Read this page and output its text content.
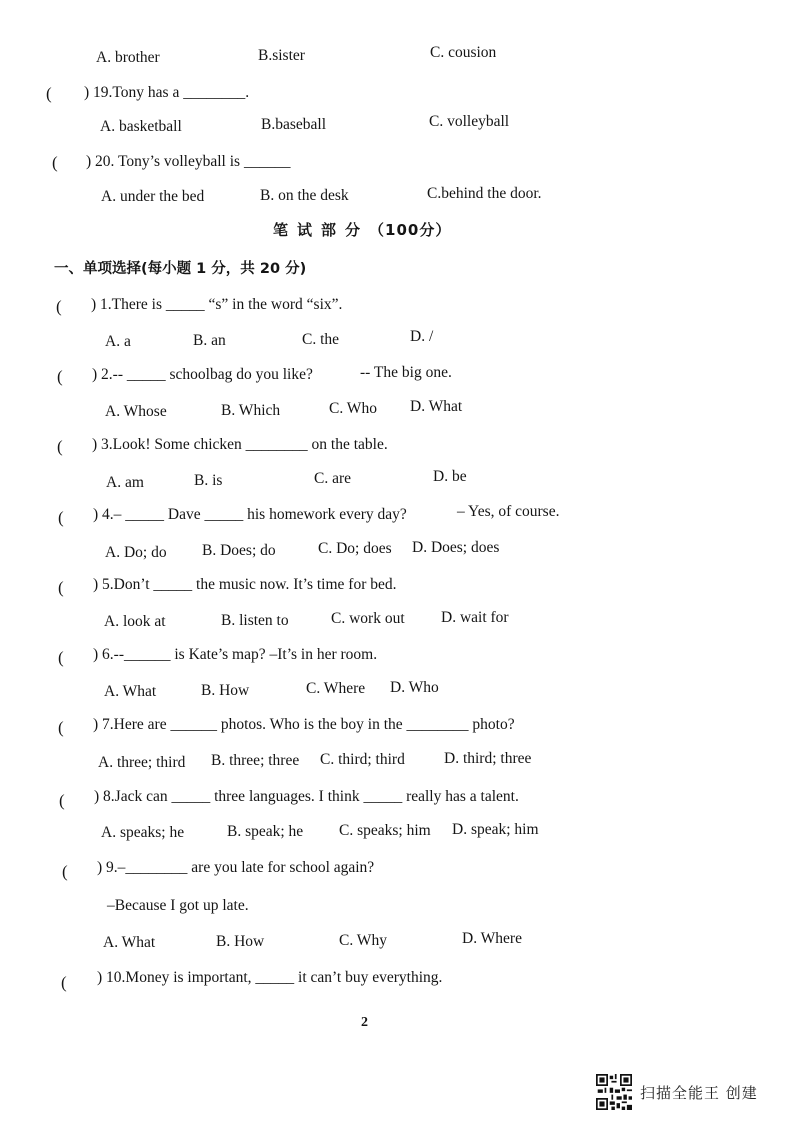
A. brother	B.sister	C. cousion
( ) 19.Tony has a ________.
A. basketball	B.baseball	C. volleyball
( ) 20. Tony’s volleyball is ______
A. under the bed	B. on the desk	C.behind the door.
笔试部分（100分）
一、单项选择(每小题 1 分，共 20 分)
( ) 1.There is _____ “s” in the word “six”.
A. a	B. an	C. the	D. /
( ) 2.-- _____ schoolbag do you like?	-- The big one.
A. Whose	B. Which	C. Who D. What
( ) 3.Look! Some chicken ________ on the table.
A. am	B. is	C. are	D. be
( ) 4.– _____ Dave _____ his homework every day?	– Yes, of course.
A. Do; do B. Does; do	C. Do; does D. Does; does
( ) 5.Don’t _____ the music now. It’s time for bed.
A. look at	B. listen to	C. work out D. wait for
( ) 6.--______ is Kate’s map? –It’s in her room.
A. What	B. How	C. Where D. Who
( ) 7.Here are ______ photos. Who is the boy in the ________ photo?
A. three; third B. three; three C. third; third	D. third; three
( ) 8.Jack can _____ three languages. I think _____ really has a talent.
A. speaks; he	B. speak; he C. speaks; him D. speak; him
( ) 9.–________ are you late for school again?
–Because I got up late.
A. What	B. How	C. Why	D. Where
( ) 10.Money is important, _____ it can’t buy everything.
2
扫描全能王 创建
